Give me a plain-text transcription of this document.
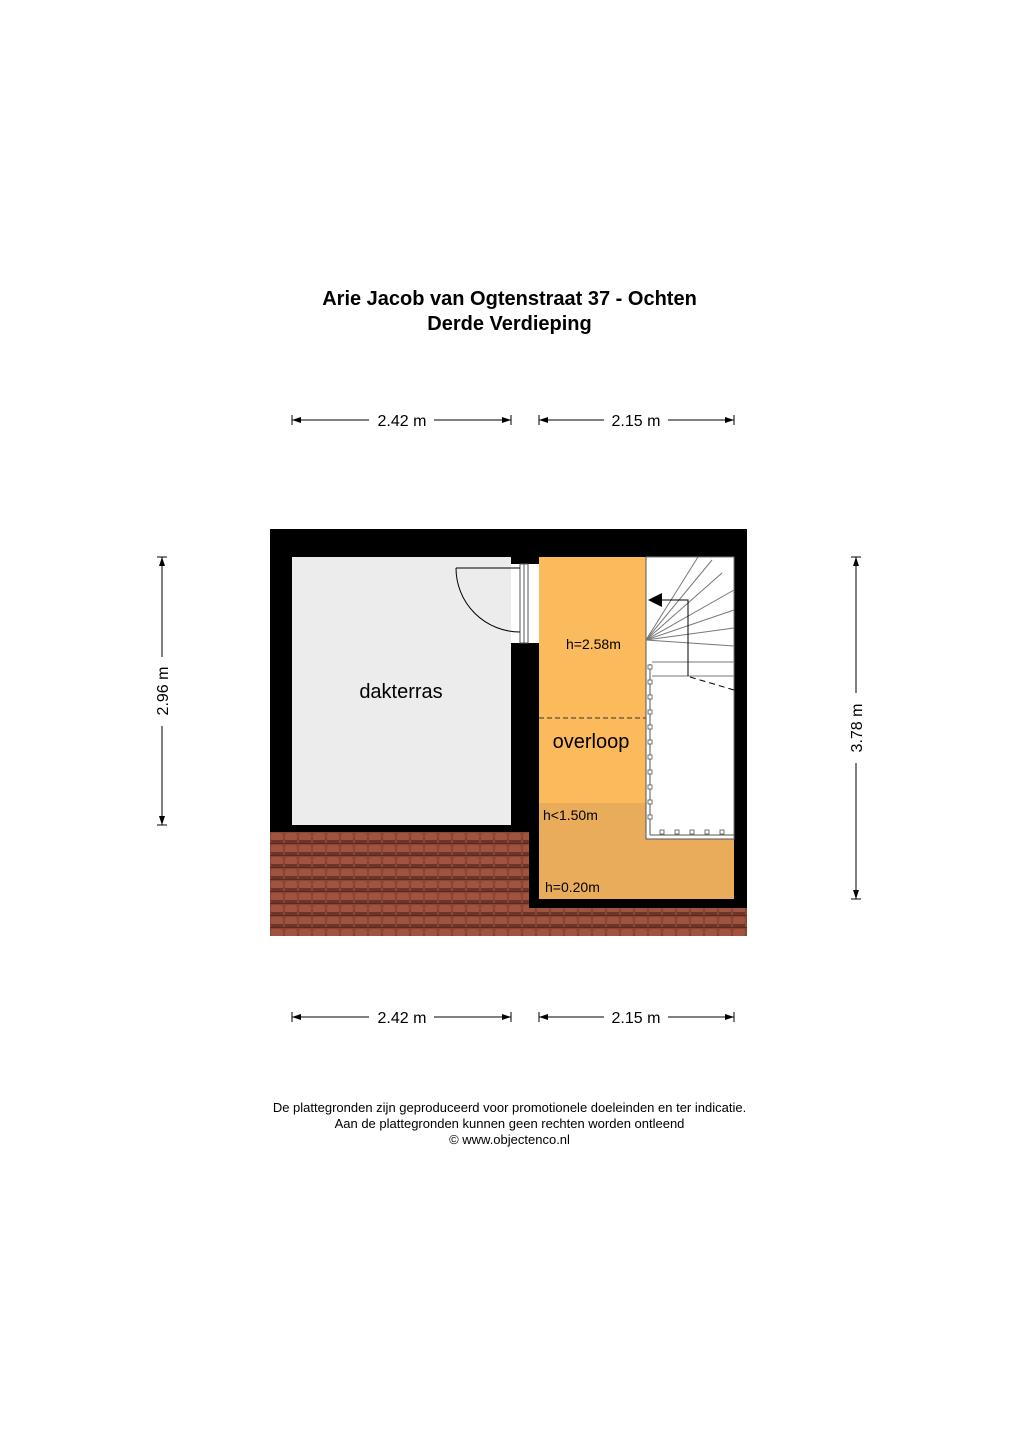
Arie Jacob van Ogtenstraat 37 - Ochten
Derde Verdieping
2.42 m	2.15 m
2.42 m	2.15 m
2.96 m
3.78 m
dakterras
overloop
h=2.58m
h<1.50m
h=0.20m
De plattegronden zijn geproduceerd voor promotionele doeleinden en ter indicatie.
Aan de plattegronden kunnen geen rechten worden ontleend
© www.objectenco.nl
